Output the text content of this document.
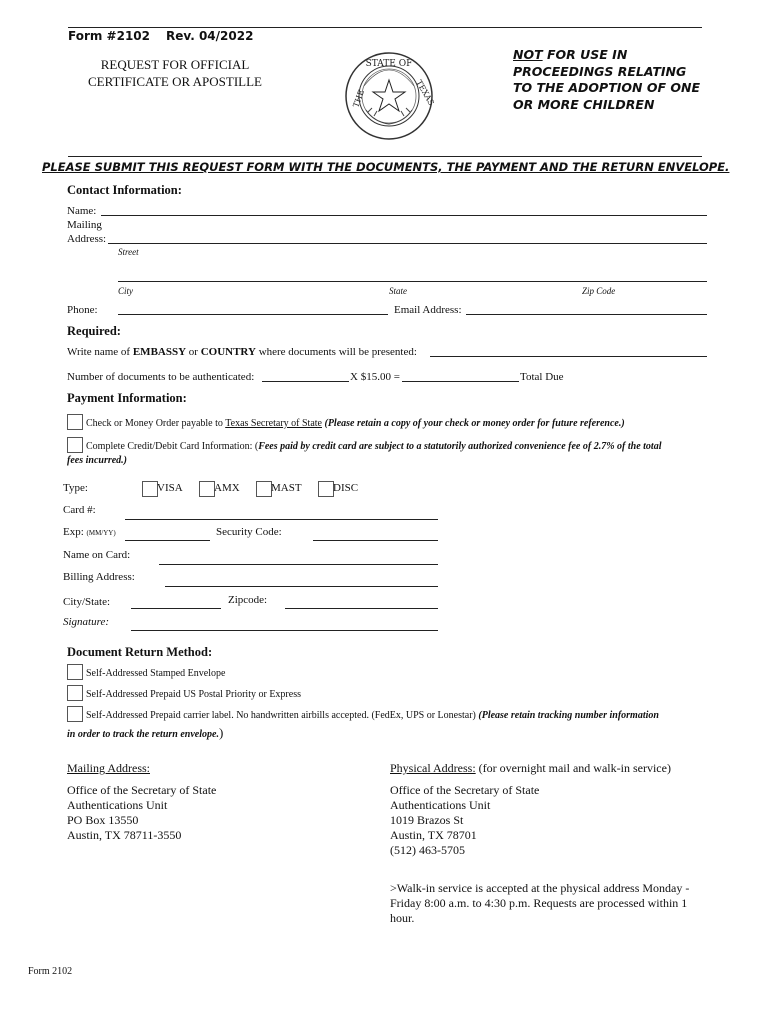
Form #2102 Rev. 04/2022
REQUEST FOR OFFICIAL
CERTIFICATE OR APOSTILLE
STATE OF
THE	TEXAS
NOT FOR USE IN
PROCEEDINGS RELATING
TO THE ADOPTION OF ONE
OR MORE CHILDREN
PLEASE SUBMIT THIS REQUEST FORM WITH THE DOCUMENTS, THE PAYMENT AND THE RETURN ENVELOPE.
Contact Information:
Name:
Mailing
Address:
Street
City	State	Zip Code
Phone:	Email Address:
Required:
Write name of EMBASSY or COUNTRY where documents will be presented:
Number of documents to be authenticated:	X $15.00 =	Total Due
Payment Information:
Check or Money Order payable to Texas Secretary of State (Please retain a copy of your check or money order for future reference.)
Complete Credit/Debit Card Information: (Fees paid by credit card are subject to a statutorily authorized convenience fee of 2.7% of the total
fees incurred.)
Type:	VISA	AMX	MAST	DISC
Card #:
Exp: (MM/YY)	Security Code:
Name on Card:
Billing Address:
City/State:	Zipcode:
Signature:
Document Return Method:
Self-Addressed Stamped Envelope
Self-Addressed Prepaid US Postal Priority or Express
Self-Addressed Prepaid carrier label. No handwritten airbills accepted. (FedEx, UPS or Lonestar) (Please retain tracking number information
in order to track the return envelope.)
Mailing Address:
Office of the Secretary of State
Authentications Unit
PO Box 13550
Austin, TX 78711-3550
Physical Address: (for overnight mail and walk-in service)
Office of the Secretary of State
Authentications Unit
1019 Brazos St
Austin, TX 78701
(512) 463-5705
>Walk-in service is accepted at the physical address Monday -
Friday 8:00 a.m. to 4:30 p.m. Requests are processed within 1
hour.
Form 2102
